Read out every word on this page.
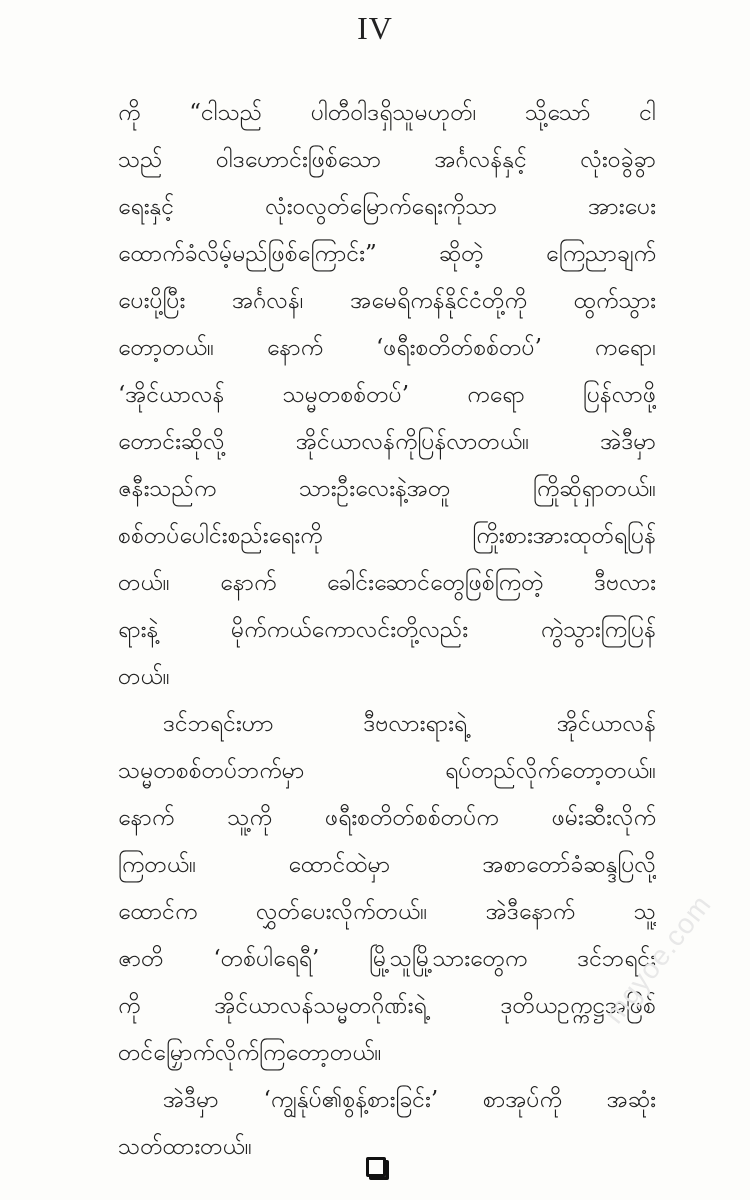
IV
ကို “ငါသည် ပါတီဝါဒရှိသူမဟုတ်၊ သို့သော် ငါ
သည် ဝါဒဟောင်းဖြစ်သော အင်္ဂလန်နှင့် လုံးဝခွဲခွာ
ရေးနှင့် လုံးဝလွတ်မြောက်ရေးကိုသာ အားပေး
ထောက်ခံလိမ့်မည်ဖြစ်ကြောင်း” ဆိုတဲ့ ကြေညာချက်
ပေးပို့ပြီး အင်္ဂလန်၊ အမေရိကန်နိုင်ငံတို့ကို ထွက်သွား
တော့တယ်။ နောက် ‘ဖရီးစတိတ်စစ်တပ်’ ကရော၊
‘အိုင်ယာလန် သမ္မတစစ်တပ်’ ကရော ပြန်လာဖို့
တောင်းဆိုလို့ အိုင်ယာလန်ကိုပြန်လာတယ်။ အဲဒီမှာ
ဇနီးသည်က သားဦးလေးနဲ့အတူ ကြိုဆိုရှာတယ်။
စစ်တပ်ပေါင်းစည်းရေးကို ကြိုးစားအားထုတ်ရပြန်
တယ်။ နောက် ခေါင်းဆောင်တွေဖြစ်ကြတဲ့ ဒီဗလား
ရားနဲ့ မိုက်ကယ်ကောလင်းတို့လည်း ကွဲသွားကြပြန်
တယ်။
ဒင်ဘရင်းဟာ ဒီဗလားရားရဲ့ အိုင်ယာလန်
သမ္မတစစ်တပ်ဘက်မှာ ရပ်တည်လိုက်တော့တယ်။
နောက် သူ့ကို ဖရီးစတိတ်စစ်တပ်က ဖမ်းဆီးလိုက်
ကြတယ်။ ထောင်ထဲမှာ အစာတော်ခံဆန္ဒပြလို့
ထောင်က လွှတ်ပေးလိုက်တယ်။ အဲဒီနောက် သူ့
ဇာတိ ‘တစ်ပါရေရီ’ မြို့သူမြို့သားတွေက ဒင်ဘရင်း
ကို အိုင်ယာလန်သမ္မတဂိုဏ်းရဲ့ ဒုတိယဥက္ကဋ္ဌအဖြစ်
တင်မြှောက်လိုက်ကြတော့တယ်။
အဲဒီမှာ ‘ကျွန်ုပ်၏စွန့်စားခြင်း’ စာအုပ်ကို အဆုံး
သတ်ထားတယ်။
mgyoe.com
